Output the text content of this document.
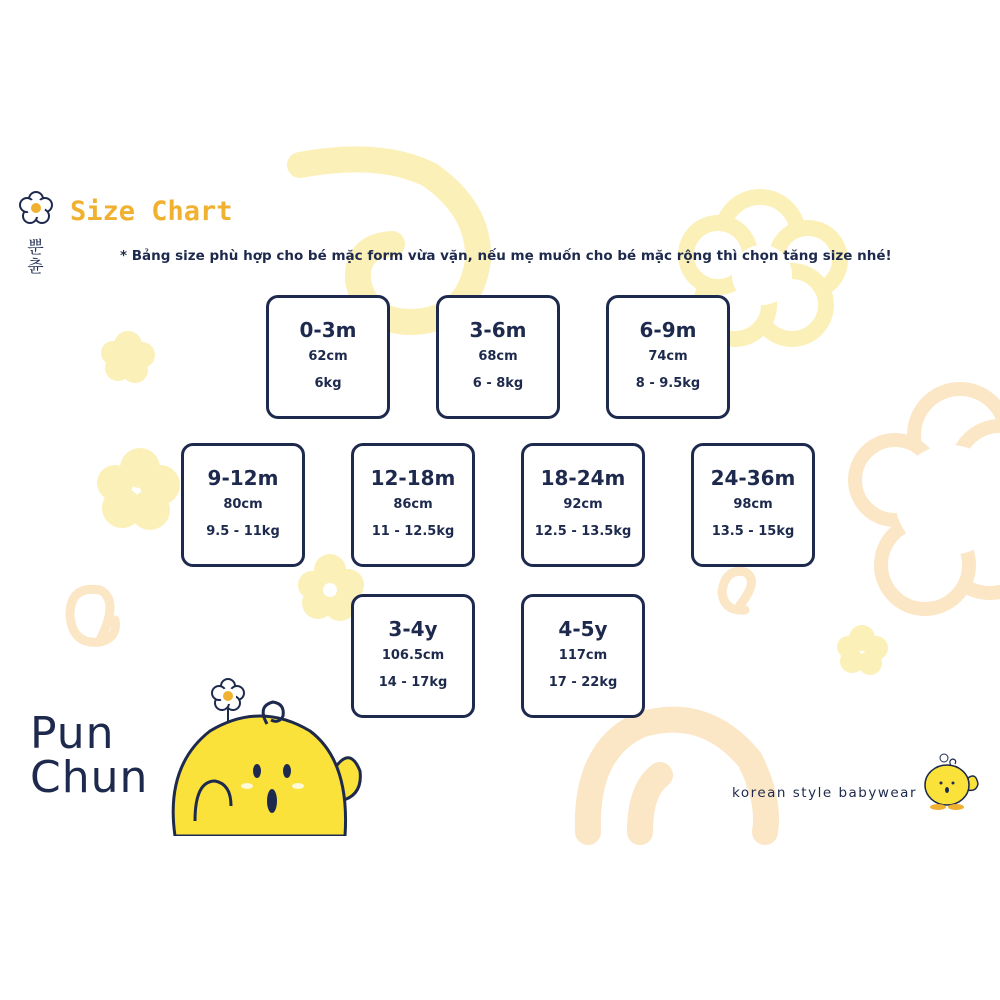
Size Chart
뿐츈	* Bảng size phù hợp cho bé mặc form vừa vặn, nếu mẹ muốn cho bé mặc rộng thì chọn tăng size nhé!
0-3m
62cm
6kg
3-6m
68cm
6 - 8kg
6-9m
74cm
8 - 9.5kg
9-12m
80cm
9.5 - 11kg
12-18m
86cm
11 - 12.5kg
18-24m
92cm
12.5 - 13.5kg
24-36m
98cm
13.5 - 15kg
3-4y
106.5cm
14 - 17kg
4-5y
117cm
17 - 22kg
Pun
Chun	korean style babywear
